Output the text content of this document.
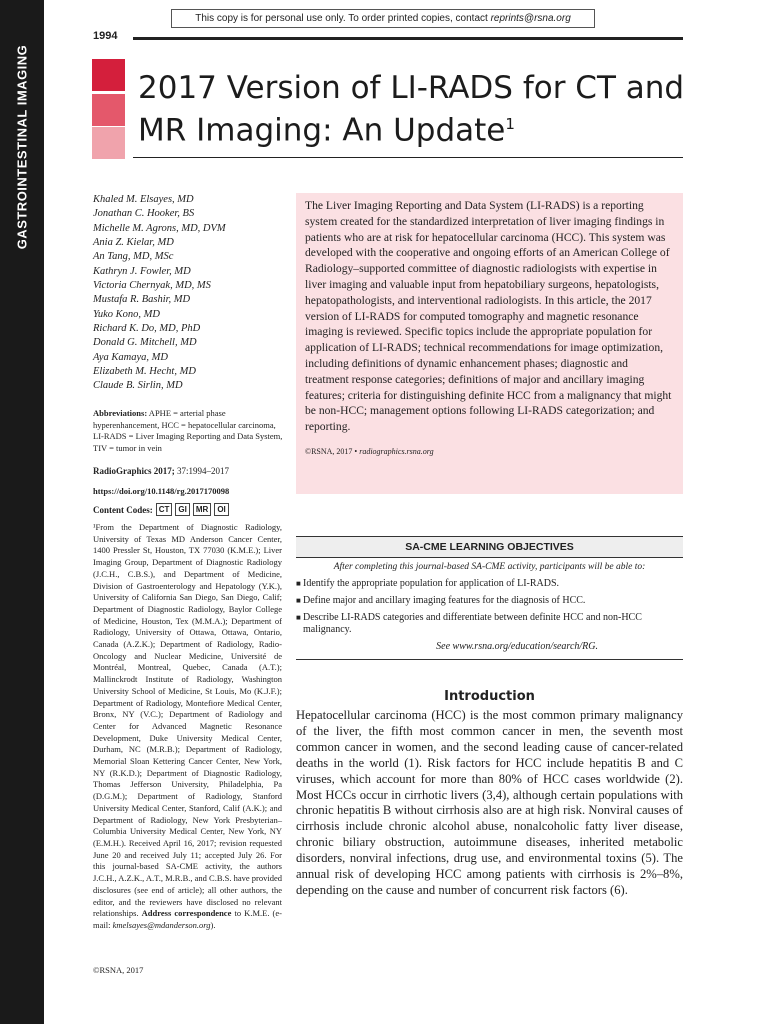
GASTROINTESTINAL IMAGING
This copy is for personal use only. To order printed copies, contact reprints@rsna.org
1994
2017 Version of LI-RADS for CT and MR Imaging: An Update$^1$
Khaled M. Elsayes, MD
Jonathan C. Hooker, BS
Michelle M. Agrons, MD, DVM
Ania Z. Kielar, MD
An Tang, MD, MSc
Kathryn J. Fowler, MD
Victoria Chernyak, MD, MS
Mustafa R. Bashir, MD
Yuko Kono, MD
Richard K. Do, MD, PhD
Donald G. Mitchell, MD
Aya Kamaya, MD
Elizabeth M. Hecht, MD
Claude B. Sirlin, MD

Abbreviations: APHE = arterial phase hyperenhancement, HCC = hepatocellular carcinoma, LI-RADS = Liver Imaging Reporting and Data System, TIV = tumor in vein

RadioGraphics 2017; 37:1994–2017
https://doi.org/10.1148/rg.2017170098
Content Codes: CT	GI	MR	OI

¹From the Department of Diagnostic Radiology, University of Texas MD Anderson Cancer Center, 1400 Pressler St, Houston, TX 77030 (K.M.E.); Liver Imaging Group, Department of Diagnostic Radiology (J.C.H., C.B.S.), and Department of Medicine, Division of Gastroenterology and Hepatology (Y.K.), University of California San Diego, San Diego, Calif; Department of Diagnostic Radiology, Baylor College of Medicine, Houston, Tex (M.M.A.); Department of Radiology, University of Ottawa, Ottawa, Ontario, Canada (A.Z.K.); Department of Radiology, Radio-Oncology and Nuclear Medicine, Université de Montréal, Montreal, Quebec, Canada (A.T.); Mallinckrodt Institute of Radiology, Washington University School of Medicine, St Louis, Mo (K.J.F.); Department of Radiology, Montefiore Medical Center, Bronx, NY (V.C.); Department of Radiology and Center for Advanced Magnetic Resonance Development, Duke University Medical Center, Durham, NC (M.R.B.); Department of Radiology, Memorial Sloan Kettering Cancer Center, New York, NY (R.K.D.); Department of Diagnostic Radiology, Thomas Jefferson University, Philadelphia, Pa (D.G.M.); Department of Radiology, Stanford University Medical Center, Stanford, Calif (A.K.); and Department of Radiology, New York Presbyterian–Columbia University Medical Center, New York, NY (E.M.H.). Received April 16, 2017; revision requested June 20 and received July 11; accepted July 26. For this journal-based SA-CME activity, the authors J.C.H., A.Z.K., A.T., M.R.B., and C.B.S. have provided disclosures (see end of article); all other authors, the editor, and the reviewers have disclosed no relevant relationships. Address correspondence to K.M.E. (e-mail: kmelsayes@mdanderson.org).

©RSNA, 2017

The Liver Imaging Reporting and Data System (LI-RADS) is a reporting system created for the standardized interpretation of liver imaging findings in patients who are at risk for hepatocellular carcinoma (HCC). This system was developed with the cooperative and ongoing efforts of an American College of Radiology–supported committee of diagnostic radiologists with expertise in liver imaging and valuable input from hepatobiliary surgeons, hepatologists, hepatopathologists, and interventional radiologists. In this article, the 2017 version of LI-RADS for computed tomography and magnetic resonance imaging is reviewed. Specific topics include the appropriate population for application of LI-RADS; technical recommendations for image optimization, including definitions of dynamic enhancement phases; diagnostic and treatment response categories; definitions of major and ancillary imaging features; criteria for distinguishing definite HCC from a malignancy that might be non-HCC; management options following LI-RADS categorization; and reporting.

©RSNA, 2017 • radiographics.rsna.org
SA-CME LEARNING OBJECTIVES
After completing this journal-based SA-CME activity, participants will be able to:
■ Identify the appropriate population for application of LI-RADS.
■ Define major and ancillary imaging features for the diagnosis of HCC.
■ Describe LI-RADS categories and differentiate between definite HCC and non-HCC malignancy.
See www.rsna.org/education/search/RG.
Introduction

Hepatocellular carcinoma (HCC) is the most common primary malignancy of the liver, the fifth most common cancer in men, the seventh most common cancer in women, and the second leading cause of cancer-related deaths in the world (1). Risk factors for HCC include hepatitis B and C viruses, which account for more than 80% of HCC cases worldwide (2). Most HCCs occur in cirrhotic livers (3,4), although certain populations with chronic hepatitis B without cirrhosis also are at high risk. Nonviral causes of cirrhosis include chronic alcohol abuse, nonalcoholic fatty liver disease, chronic biliary obstruction, autoimmune diseases, inherited metabolic disorders, nonviral infections, drug use, and environmental toxins (5). The annual risk of developing HCC among patients with cirrhosis is 2%–8%, depending on the cause and number of concurrent risk factors (6).
